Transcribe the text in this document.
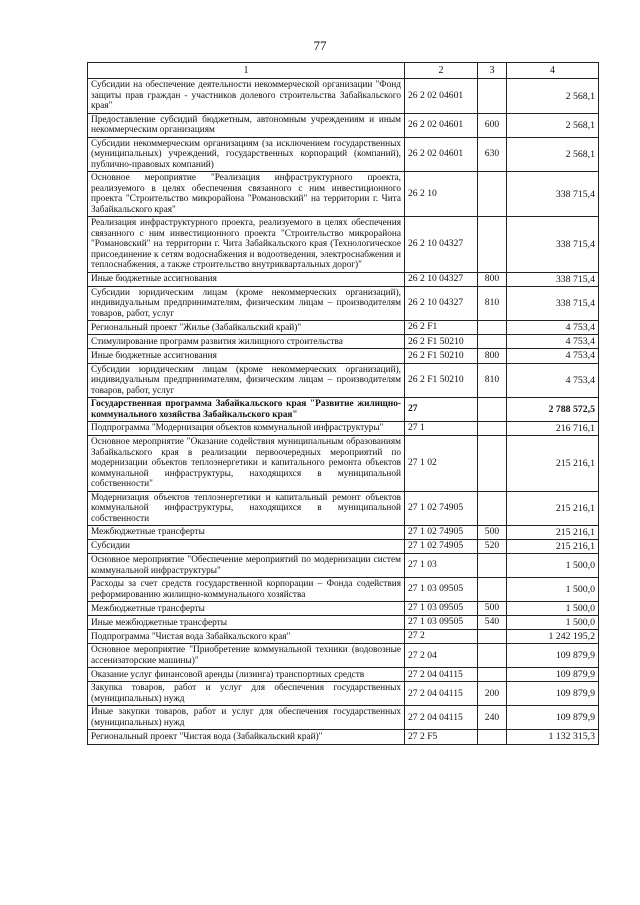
77
1	2	3	4
Субсидии на обеспечение деятельности некоммерческой организации "Фонд защиты прав граждан - участников долевого строительства Забайкальского края"	26 2 02 04601		2 568,1
Предоставление субсидий бюджетным, автономным учреждениям и иным некоммерческим организациям	26 2 02 04601	600	2 568,1
Субсидии некоммерческим организациям (за исключением государственных (муниципальных) учреждений, государственных корпораций (компаний), публично-правовых компаний)	26 2 02 04601	630	2 568,1
Основное мероприятие "Реализация инфраструктурного проекта, реализуемого в целях обеспечения связанного с ним инвестиционного проекта "Строительство микрорайона "Романовский" на территории г. Чита Забайкальского края"	26 2 10		338 715,4
Реализация инфраструктурного проекта, реализуемого в целях обеспечения связанного с ним инвестиционного проекта "Строительство микрорайона "Романовский" на территории г. Чита Забайкальского края (Технологическое присоединение к сетям водоснабжения и водоотведения, электроснабжения и теплоснабжения, а также строительство внутриквартальных дорог)"	26 2 10 04327		338 715,4
Иные бюджетные ассигнования	26 2 10 04327	800	338 715,4
Субсидии юридическим лицам (кроме некоммерческих организаций), индивидуальным предпринимателям, физическим лицам – производителям товаров, работ, услуг	26 2 10 04327	810	338 715,4
Региональный проект "Жилье (Забайкальский край)"	26 2 F1		4 753,4
Стимулирование программ развития жилищного строительства	26 2 F1 50210		4 753,4
Иные бюджетные ассигнования	26 2 F1 50210	800	4 753,4
Субсидии юридическим лицам (кроме некоммерческих организаций), индивидуальным предпринимателям, физическим лицам – производителям товаров, работ, услуг	26 2 F1 50210	810	4 753,4
Государственная программа Забайкальского края "Развитие жилищно-коммунального хозяйства Забайкальского края"	27		2 788 572,5
Подпрограмма "Модернизация объектов коммунальной инфраструктуры"	27 1		216 716,1
Основное мероприятие "Оказание содействия муниципальным образованиям Забайкальского края в реализации первоочередных мероприятий по модернизации объектов теплоэнергетики и капитального ремонта объектов коммунальной инфраструктуры, находящихся в муниципальной собственности"	27 1 02		215 216,1
Модернизация объектов теплоэнергетики и капитальный ремонт объектов коммунальной инфраструктуры, находящихся в муниципальной собственности	27 1 02 74905		215 216,1
Межбюджетные трансферты	27 1 02 74905	500	215 216,1
Субсидии	27 1 02 74905	520	215 216,1
Основное мероприятие "Обеспечение мероприятий по модернизации систем коммунальной инфраструктуры"	27 1 03		1 500,0
Расходы за счет средств государственной корпорации – Фонда содействия реформированию жилищно-коммунального хозяйства	27 1 03 09505		1 500,0
Межбюджетные трансферты	27 1 03 09505	500	1 500,0
Иные межбюджетные трансферты	27 1 03 09505	540	1 500,0
Подпрограмма "Чистая вода Забайкальского края"	27 2		1 242 195,2
Основное мероприятие "Приобретение коммунальной техники (водовозные ассенизаторские машины)"	27 2 04		109 879,9
Оказание услуг финансовой аренды (лизинга) транспортных средств	27 2 04 04115		109 879,9
Закупка товаров, работ и услуг для обеспечения государственных (муниципальных) нужд	27 2 04 04115	200	109 879,9
Иные закупки товаров, работ и услуг для обеспечения государственных (муниципальных) нужд	27 2 04 04115	240	109 879,9
Региональный проект "Чистая вода (Забайкальский край)"	27 2 F5		1 132 315,3
